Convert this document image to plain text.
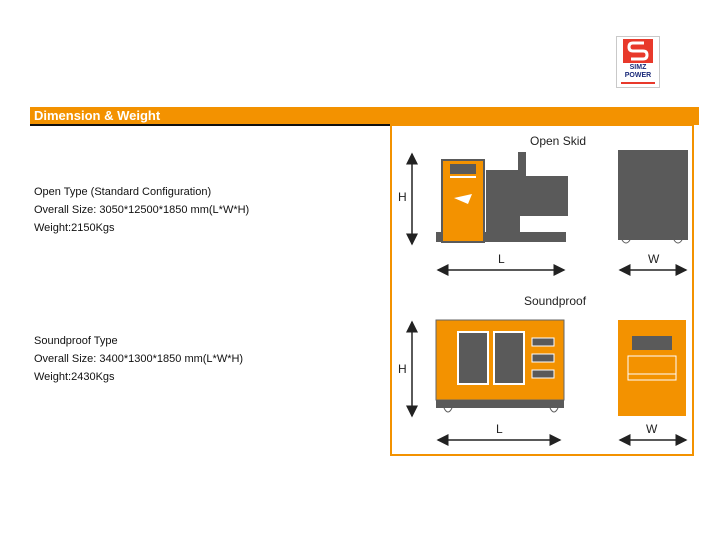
SIMZ
POWER
Dimension & Weight
Open Type (Standard Configuration)
Overall Size: 3050*12500*1850 mm(L*W*H)
Weight:2150Kgs
Soundproof Type
Overall Size: 3400*1300*1850 mm(L*W*H)
Weight:2430Kgs
Open Skid
Soundproof
H
L	W
H
L	W
